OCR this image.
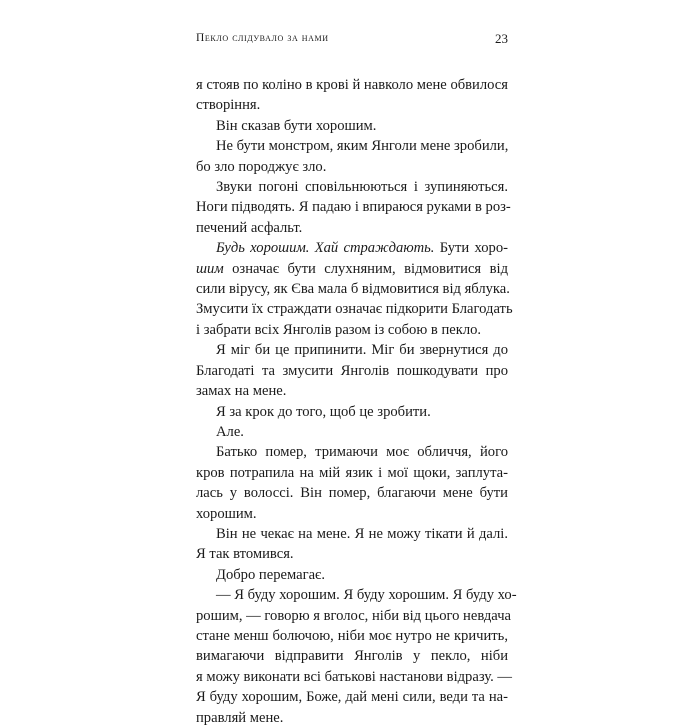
Пекло слідувало за нами	23
я стояв по коліно в крові й навколо мене обвилося
створіння.
Він сказав бути хорошим.
Не бути монстром, яким Янголи мене зробили,
бо зло породжує зло.
Звуки погоні сповільнюються і зупиняються.
Ноги підводять. Я падаю і впираюся руками в роз-
печений асфальт.
Будь хорошим. Хай страждають. Бути хоро-
шим означає бути слухняним, відмовитися від
сили вірусу, як Єва мала б відмовитися від яблука.
Змусити їх страждати означає підкорити Благодать
і забрати всіх Янголів разом із собою в пекло.
Я міг би це припинити. Міг би звернутися до
Благодаті та змусити Янголів пошкодувати про
замах на мене.
Я за крок до того, щоб це зробити.
Але.
Батько помер, тримаючи моє обличчя, його
кров потрапила на мій язик і мої щоки, заплута-
лась у волоссі. Він помер, благаючи мене бути
хорошим.
Він не чекає на мене. Я не можу тікати й далі.
Я так втомився.
Добро перемагає.
— Я буду хорошим. Я буду хорошим. Я буду хо-
рошим, — говорю я вголос, ніби від цього невдача
стане менш болючою, ніби моє нутро не кричить,
вимагаючи відправити Янголів у пекло, ніби
я можу виконати всі батькові настанови відразу. —
Я буду хорошим, Боже, дай мені сили, веди та на-
правляй мене.
